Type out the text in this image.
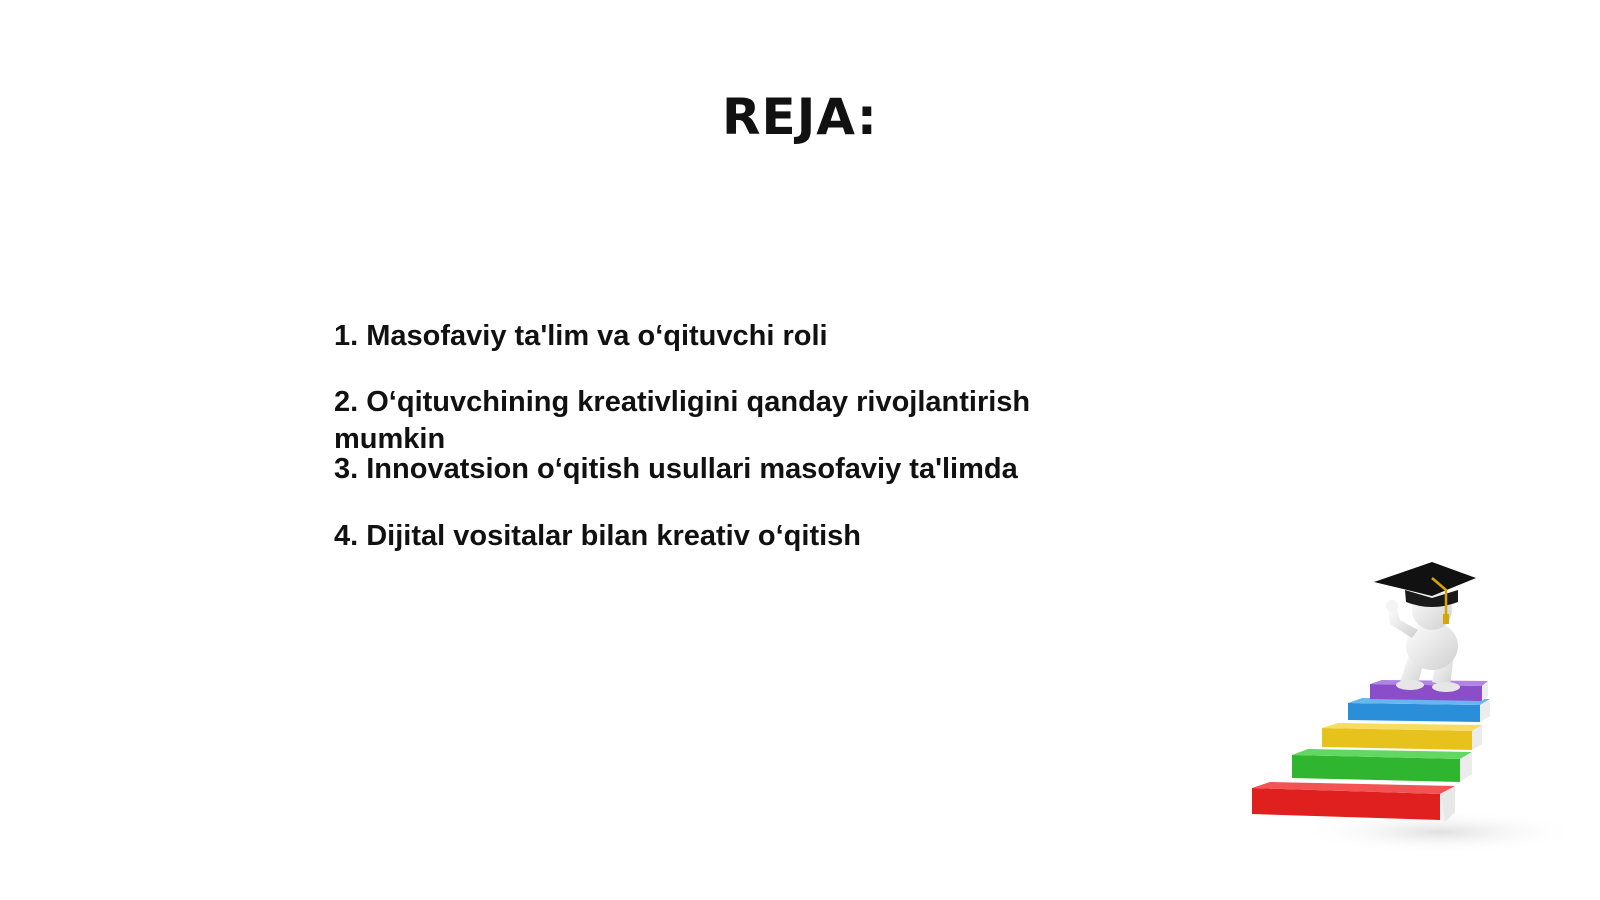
REJA:
1. Masofaviy ta'lim va o‘qituvchi roli
2. O‘qituvchining kreativligini qanday rivojlantirish mumkin
3. Innovatsion o‘qitish usullari masofaviy ta'limda
4. Dijital vositalar bilan kreativ o‘qitish
